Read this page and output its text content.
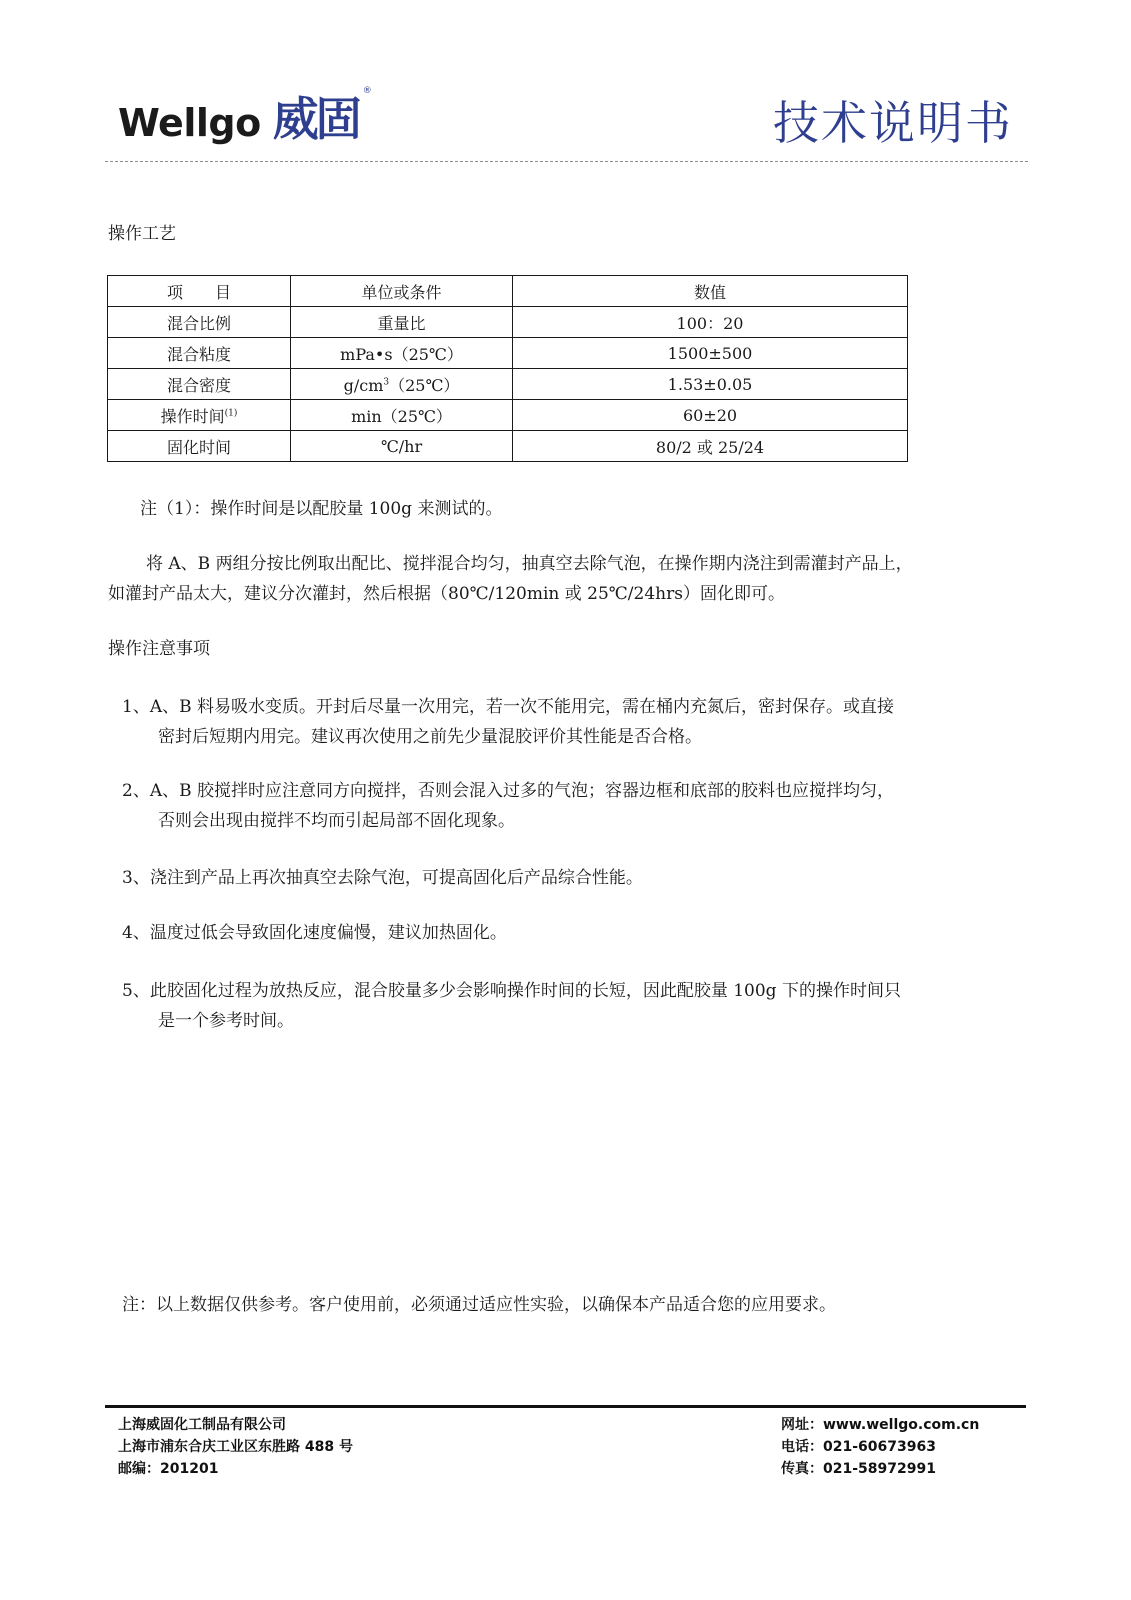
Wellgo 威固
®
技术说明书
操作工艺
项　　目	单位或条件	数值
混合比例	重量比	100：20
混合粘度	mPa•s（25℃）	1500±500
混合密度	$g/cm^3(25℃)$	1.53±0.05
操作时间$^{(1)}$	min（25℃）	60±20
固化时间	℃/hr	80/2 或 25/24
注（1）：操作时间是以配胶量 100g 来测试的。
将 A、B 两组分按比例取出配比、搅拌混合均匀，抽真空去除气泡，在操作期内浇注到需灌封产品上，
如灌封产品太大，建议分次灌封，然后根据（80℃/120min 或 25℃/24hrs）固化即可。
操作注意事项
1、A、B 料易吸水变质。开封后尽量一次用完，若一次不能用完，需在桶内充氮后，密封保存。或直接
密封后短期内用完。建议再次使用之前先少量混胶评价其性能是否合格。
2、A、B 胶搅拌时应注意同方向搅拌，否则会混入过多的气泡；容器边框和底部的胶料也应搅拌均匀，
否则会出现由搅拌不均而引起局部不固化现象。
3、浇注到产品上再次抽真空去除气泡，可提高固化后产品综合性能。
4、温度过低会导致固化速度偏慢，建议加热固化。
5、此胶固化过程为放热反应，混合胶量多少会影响操作时间的长短，因此配胶量 100g 下的操作时间只
是一个参考时间。
注：以上数据仅供参考。客户使用前，必须通过适应性实验，以确保本产品适合您的应用要求。
上海威固化工制品有限公司
上海市浦东合庆工业区东胜路 488 号
邮编：201201
网址：www.wellgo.com.cn
电话：021-60673963
传真：021-58972991
